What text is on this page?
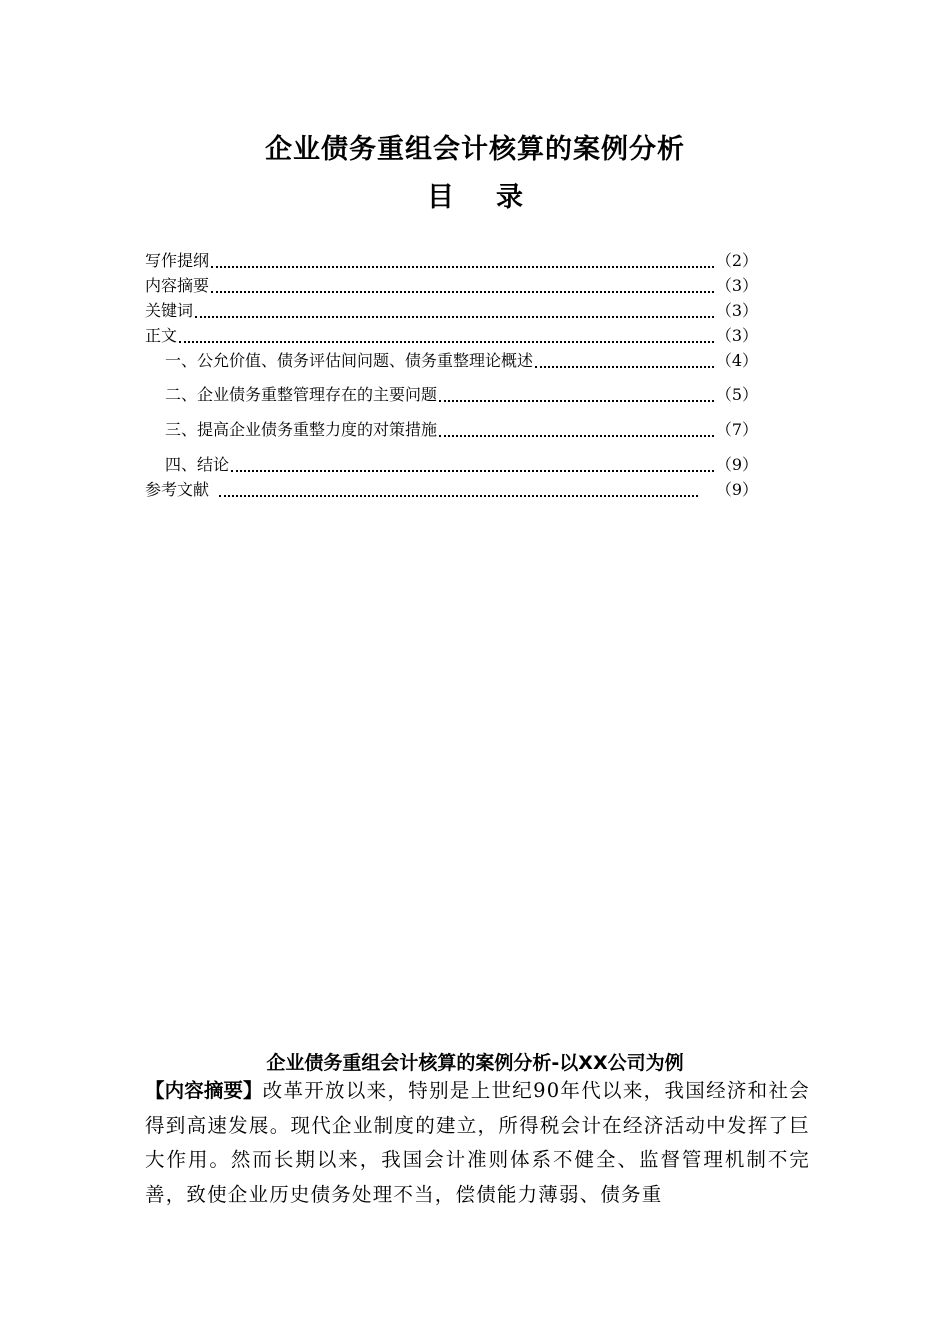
企业债务重组会计核算的案例分析
目 录
写作提纲	（2）
内容摘要	（3）
关键词	（3）
正文	（3）
一、公允价值、债务评估间问题、债务重整理论概述	（4）
二、企业债务重整管理存在的主要问题	（5）
三、提高企业债务重整力度的对策措施	（7）
四、结论	（9）
参考文献	（9）
企业债务重组会计核算的案例分析-以XX公司为例
【内容摘要】改革开放以来，特别是上世纪90年代以来，我国经济和社会得到高速发展。现代企业制度的建立，所得税会计在经济活动中发挥了巨大作用。然而长期以来，我国会计准则体系不健全、监督管理机制不完善，致使企业历史债务处理不当，偿债能力薄弱、债务重
